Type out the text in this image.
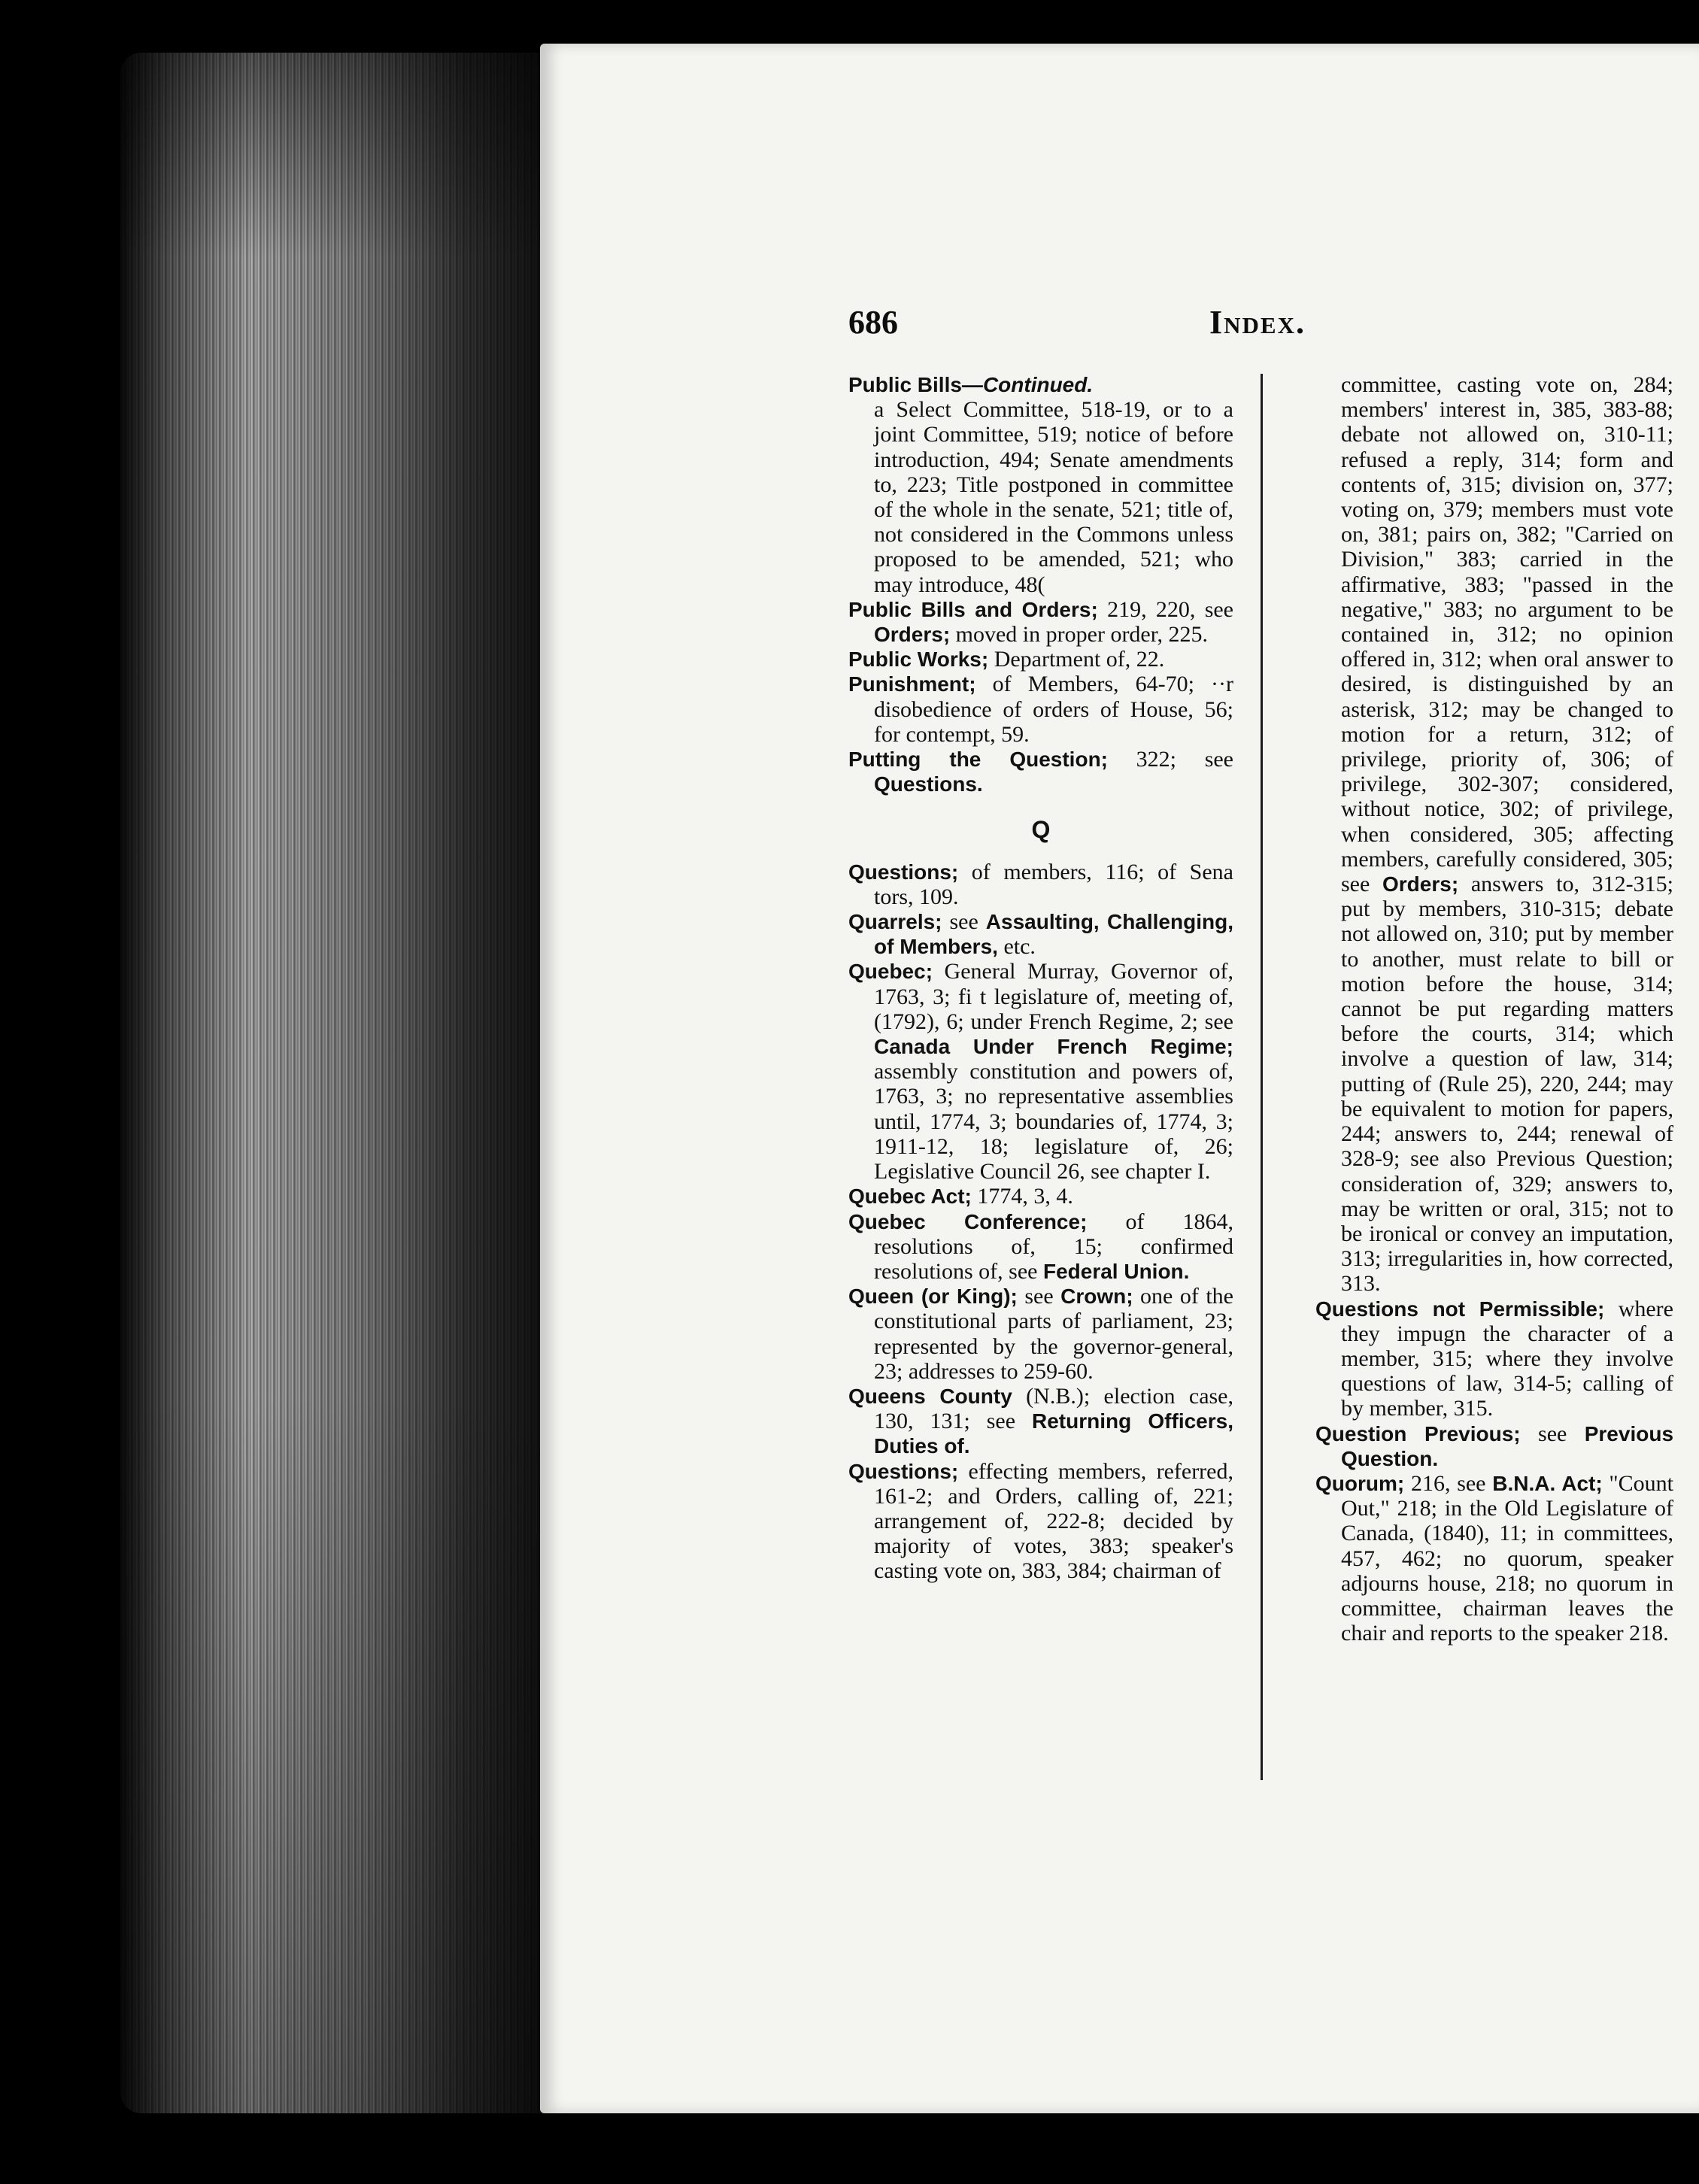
686	Index.
Public Bills—Continued.
a Select Committee, 518-19, or to a joint Committee, 519; notice of before introduction, 494; Senate amendments to, 223; Title postponed in committee of the whole in the senate, 521; title of, not considered in the Commons unless proposed to be amended, 521; who may introduce, 48(
Public Bills and Orders; 219, 220, see Orders; moved in proper order, 225.
Public Works; Department of, 22.
Punishment; of Members, 64-70; ··r disobedience of orders of House, 56; for contempt, 59.
Putting the Question; 322; see Questions.
Q
Questions; of members, 116; of Sena tors, 109.
Quarrels; see Assaulting, Challenging, of Members, etc.
Quebec; General Murray, Governor of, 1763, 3; fi t legislature of, meeting of, (1792), 6; under French Regime, 2; see Canada Under French Regime; assembly constitution and powers of, 1763, 3; no representative assemblies until, 1774, 3; boundaries of, 1774, 3; 1911-12, 18; legislature of, 26; Legislative Council 26, see chapter I.
Quebec Act; 1774, 3, 4.
Quebec Conference; of 1864, resolutions of, 15; confirmed resolutions of, see Federal Union.
Queen (or King); see Crown; one of the constitutional parts of parliament, 23; represented by the governor-general, 23; addresses to 259-60.
Queens County (N.B.); election case, 130, 131; see Returning Officers, Duties of.
Questions; effecting members, referred, 161-2; and Orders, calling of, 221; arrangement of, 222-8; decided by majority of votes, 383; speaker's casting vote on, 383, 384; chairman of
committee, casting vote on, 284; members' interest in, 385, 383-88; debate not allowed on, 310-11; refused a reply, 314; form and contents of, 315; division on, 377; voting on, 379; members must vote on, 381; pairs on, 382; "Carried on Division," 383; carried in the affirmative, 383; "passed in the negative," 383; no argument to be contained in, 312; no opinion offered in, 312; when oral answer to desired, is distinguished by an asterisk, 312; may be changed to motion for a return, 312; of privilege, priority of, 306; of privilege, 302-307; considered, without notice, 302; of privilege, when considered, 305; affecting members, carefully considered, 305; see Orders; answers to, 312-315; put by members, 310-315; debate not allowed on, 310; put by member to another, must relate to bill or motion before the house, 314; cannot be put regarding matters before the courts, 314; which involve a question of law, 314; putting of (Rule 25), 220, 244; may be equivalent to motion for papers, 244; answers to, 244; renewal of 328-9; see also Previous Question; consideration of, 329; answers to, may be written or oral, 315; not to be ironical or convey an imputation, 313; irregularities in, how corrected, 313.
Questions not Permissible; where they impugn the character of a member, 315; where they involve questions of law, 314-5; calling of by member, 315.
Question Previous; see Previous Question.
Quorum; 216, see B.N.A. Act; "Count Out," 218; in the Old Legislature of Canada, (1840), 11; in committees, 457, 462; no quorum, speaker adjourns house, 218; no quorum in committee, chairman leaves the chair and reports to the speaker 218.
